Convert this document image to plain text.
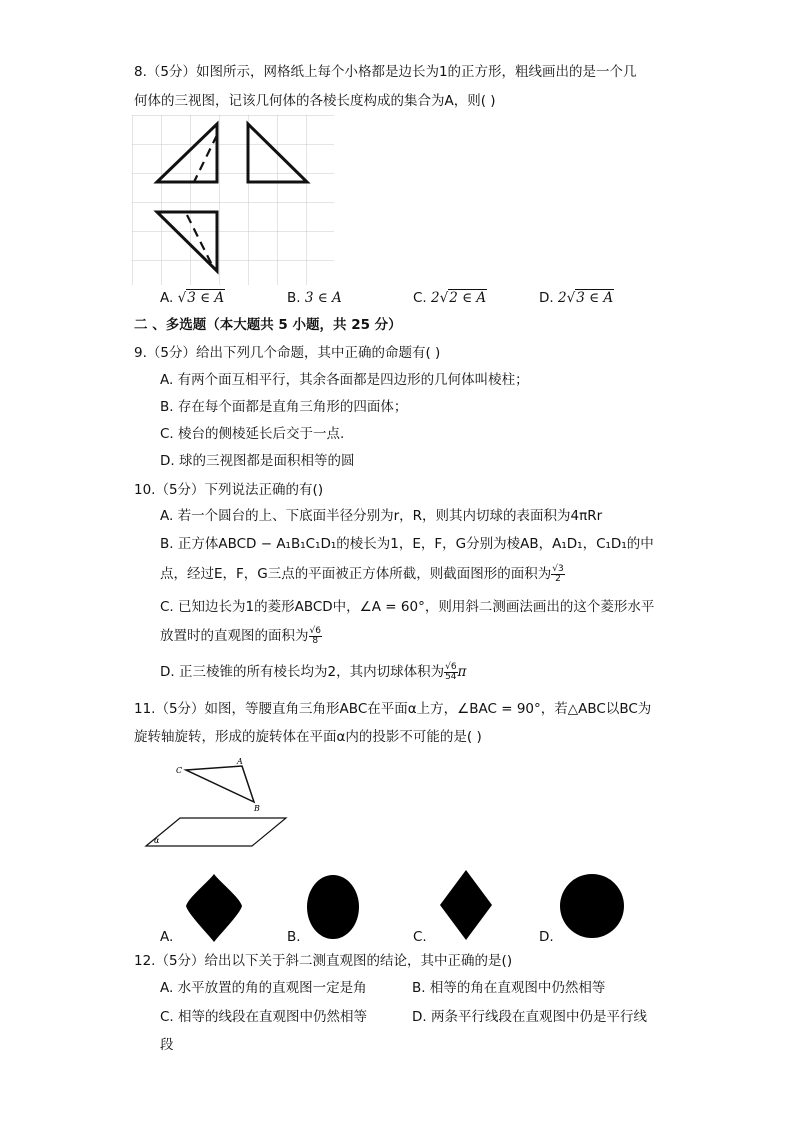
8.（5分）如图所示，网格纸上每个小格都是边长为1的正方形，粗线画出的是一个几
何体的三视图，记该几何体的各棱长度构成的集合为A，则( )
A. √3 ∈ A	B. 3 ∈ A	C. 2√2 ∈ A	D. 2√3 ∈ A
二 、多选题（本大题共 5 小题，共 25 分）
9.（5分）给出下列几个命题，其中正确的命题有( )
A. 有两个面互相平行，其余各面都是四边形的几何体叫棱柱；
B. 存在每个面都是直角三角形的四面体；
C. 棱台的侧棱延长后交于一点.
D. 球的三视图都是面积相等的圆
10.（5分）下列说法正确的有()
A. 若一个圆台的上、下底面半径分别为r，R，则其内切球的表面积为4πRr
B. 正方体ABCD − A₁B₁C₁D₁的棱长为1，E，F，G分别为棱AB，A₁D₁，C₁D₁的中
点，经过E，F，G三点的平面被正方体所截，则截面图形的面积为 $\frac{√3}{2}$
C. 已知边长为1的菱形ABCD中，∠A = 60°，则用斜二测画法画出的这个菱形水平
放置时的直观图的面积为 $\frac{√6}{8}$
D. 正三棱锥的所有棱长均为2，其内切球体积为 $\frac{√6}{54}$ π
11.（5分）如图，等腰直角三角形ABC在平面α上方，∠BAC = 90°，若△ABC以BC为
旋转轴旋转，形成的旋转体在平面α内的投影不可能的是( )
C
A
B
α
A.	B.	C.	D.
12.（5分）给出以下关于斜二测直观图的结论，其中正确的是()
A. 水平放置的角的直观图一定是角	B. 相等的角在直观图中仍然相等
C. 相等的线段在直观图中仍然相等	D. 两条平行线段在直观图中仍是平行线
段
